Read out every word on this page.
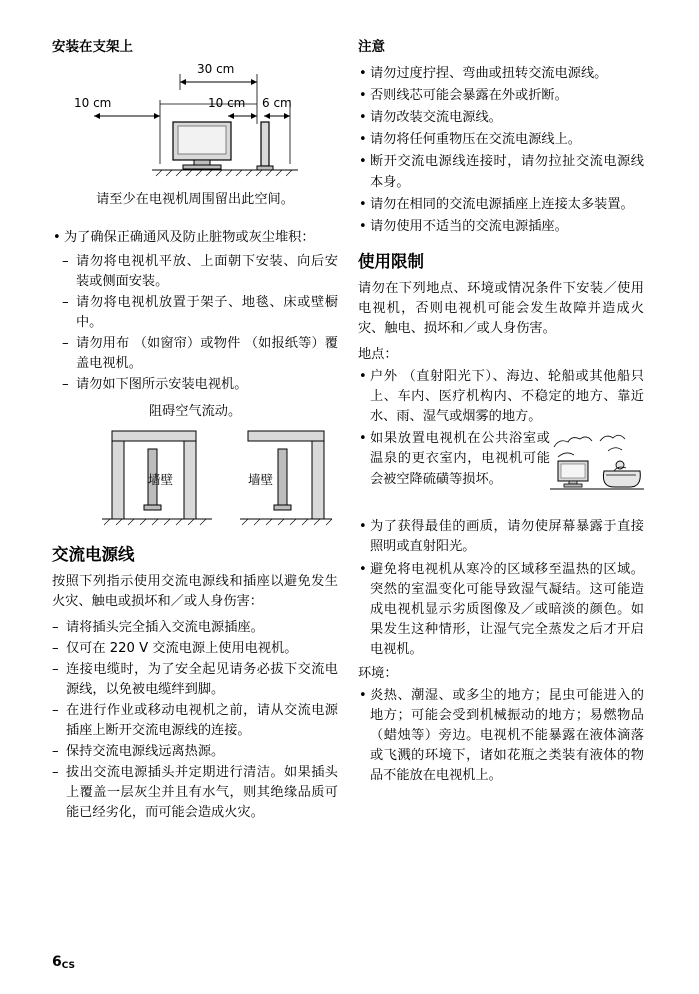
安装在支架上
30 cm
10 cm	10 cm 6 cm
请至少在电视机周围留出此空间。
• 为了确保正确通风及防止脏物或灰尘堆积：
– 请勿将电视机平放、上面朝下安装、向后安装或侧面安装。
– 请勿将电视机放置于架子、地毯、床或壁橱中。
– 请勿用布 （如窗帘）或物件 （如报纸等）覆盖电视机。
– 请勿如下图所示安装电视机。
阻碍空气流动。
墙壁	墙壁
交流电源线

按照下列指示使用交流电源线和插座以避免发生火灾、触电或损坏和／或人身伤害：

– 请将插头完全插入交流电源插座。
– 仅可在 220 V 交流电源上使用电视机。
– 连接电缆时，为了安全起见请务必拔下交流电源线，以免被电缆绊到脚。
– 在进行作业或移动电视机之前，请从交流电源插座上断开交流电源线的连接。
– 保持交流电源线远离热源。
– 拔出交流电源插头并定期进行清洁。如果插头上覆盖一层灰尘并且有水气，则其绝缘品质可能已经劣化，而可能会造成火灾。
注意
• 请勿过度拧捏、弯曲或扭转交流电源线。
• 否则线芯可能会暴露在外或折断。
• 请勿改装交流电源线。
• 请勿将任何重物压在交流电源线上。
• 断开交流电源线连接时，请勿拉扯交流电源线本身。
• 请勿在相同的交流电源插座上连接太多装置。
• 请勿使用不适当的交流电源插座。
使用限制

请勿在下列地点、环境或情况条件下安装／使用电视机，否则电视机可能会发生故障并造成火灾、触电、损坏和／或人身伤害。

地点：
• 户外 （直射阳光下）、海边、轮船或其他船只上、车内、医疗机构内、不稳定的地方、靠近水、雨、湿气或烟雾的地方。
• 如果放置电视机在公共浴室或温泉的更衣室内，电视机可能会被空降硫磺等损坏。
• 为了获得最佳的画质，请勿使屏幕暴露于直接照明或直射阳光。
• 避免将电视机从寒冷的区域移至温热的区域。突然的室温变化可能导致湿气凝结。这可能造成电视机显示劣质图像及／或暗淡的颜色。如果发生这种情形，让湿气完全蒸发之后才开启电视机。
环境：
• 炎热、潮湿、或多尘的地方；昆虫可能进入的地方；可能会受到机械振动的地方；易燃物品 （蜡烛等）旁边。电视机不能暴露在液体滴落或飞溅的环境下，诸如花瓶之类装有液体的物品不能放在电视机上。
$6^{CS}$
